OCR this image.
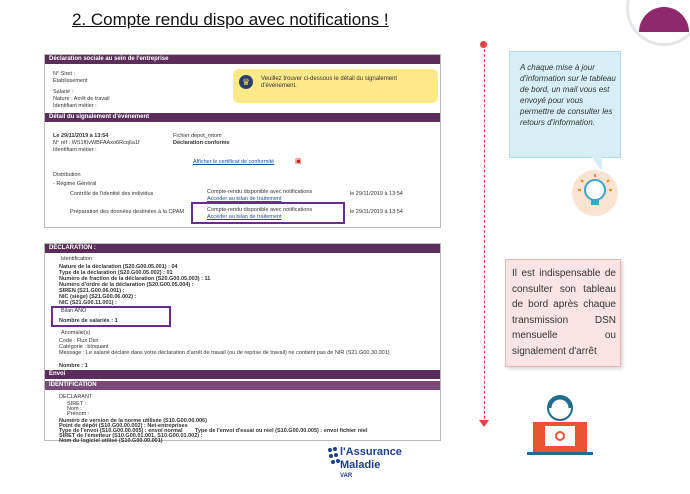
2. Compte rendu dispo avec notifications !
Déclaration sociale au sein de l'entreprise
N° Siret :
Etablissement
Salarié :
Nature : Arrêt de travail
Identifiant métier :
♛	Veuillez trouver ci-dessous le détail du signalement d'événement.
Détail du signalement d'événement
Le 29/11/2019 à 13:54	Fichier depot_mtom
N° réf : WS1f0vWBFAAxo6Rcq6a1f	Déclaration conforme
Identifiant métier :
Afficher le certificat de conformité	▣
Distribution
- Régime Général
Contrôle de l'identité des individus	Compte-rendu disponible avec notifications
Accéder au bilan de traitement
le 29/11/2019 à 13:54
Préparation des données destinées à la CPAM	Compte-rendu disponible avec notifications
Accéder au bilan de traitement
le 29/11/2019 à 13:54
DÉCLARATION :
Identification
Nature de la déclaration (S20.G00.05.001) : 04
Type de la déclaration (S20.G00.05.002) : 01
Numéro de fraction de la déclaration (S20.G00.05.003) : 11
Numéro d'ordre de la déclaration (S20.G00.05.004) :
SIREN (S21.G00.06.001) :
NIC (siège) (S21.G00.06.002) :
NIC (S21.G00.11.001) :
Bilan ANO
Nombre de salariés : 1
Anomalie(s)
Code : Flux Dsn
Catégorie : bloquant
Message : Le salarié déclaré dans votre déclaration d'arrêt de travail (ou de reprise de travail) ne contient pas de NIR (S21.G00.30.001)
Nombre : 1
Envoi
IDENTIFICATION
DECLARANT
SIRET :
Nom :
Prénom :
Numéro de version de la norme utilisée (S10.G00.00.006)
Point de dépôt (S10.G00.00.002) : Net-entreprises
Type de l'envoi (S10.G00.00.005) : envoi normal Type de l'envoi d'essai ou réel (S10.G00.00.005) : envoi fichier réel
SIRET de l'émetteur (S10.G00.01.001, S10.G00.01.002) :
Nom du logiciel utilisé (S10.G00.00.001)
A chaque mise à jour d'information sur le tableau de bord, un mail vous est envoyé pour vous permettre de consulter les retours d'information.
Il est indispensable de consulter son tableau de bord après chaque transmission DSN mensuelle ou signalement d'arrêt
l'Assurance
Maladie
VAR
